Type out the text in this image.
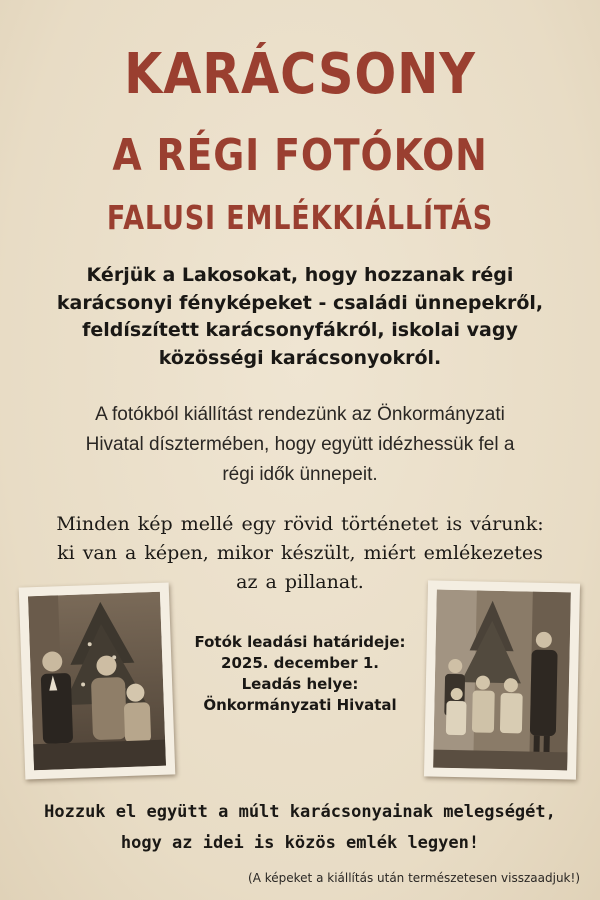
KARÁCSONY
A RÉGI FOTÓKON
FALUSI EMLÉKKIÁLLÍTÁS
Kérjük a Lakosokat, hogy hozzanak régi
karácsonyi fényképeket - családi ünnepekről,
feldíszített karácsonyfákról, iskolai vagy
közösségi karácsonyokról.
A fotókból kiállítást rendezünk az Önkormányzati
Hivatal dísztermében, hogy együtt idézhessük fel a
régi idők ünnepeit.
Minden kép mellé egy rövid történetet is várunk:
ki van a képen, mikor készült, miért emlékezetes
az a pillanat.
Fotók leadási határideje:
2025. december 1.
Leadás helye:
Önkormányzati Hivatal
Hozzuk el együtt a múlt karácsonyainak melegségét,
hogy az idei is közös emlék legyen!
(A képeket a kiállítás után természetesen visszaadjuk!)
